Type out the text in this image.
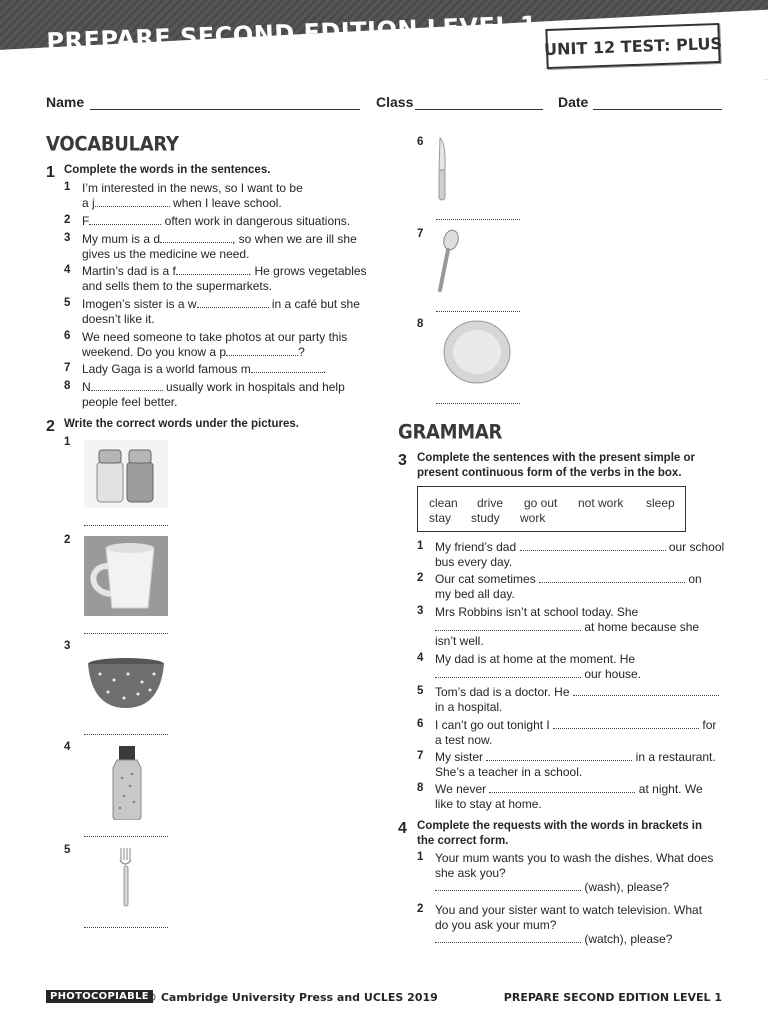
PREPARE SECOND EDITION LEVEL 1 UNIT 12 TEST: PLUS
Name	Class	Date
VOCABULARY
1 Complete the words in the sentences.
1 I’m interested in the news, so I want to be
a j	when I leave school.
2 F	often work in dangerous situations.
3 My mum is a d	, so when we are ill she
gives us the medicine we need.
4 Martin’s dad is a f	. He grows vegetables
and sells them to the supermarkets.
5 Imogen’s sister is a w	in a café but she
doesn’t like it.
6 We need someone to take photos at our party this
weekend. Do you know a p	?
7 Lady Gaga is a world famous m	.
8 N	usually work in hospitals and help
people feel better.
2 Write the correct words under the pictures.
1
2
3
4
5
6
7
8
GRAMMAR
3 Complete the sentences with the present simple or
present continuous form of the verbs in the box.
clean drive go out not work sleep
stay study work
1 My friend’s dad	our school
bus every day.
2 Our cat sometimes	on
my bed all day.
3 Mrs Robbins isn’t at school today. She
at home because she
isn’t well.
4 My dad is at home at the moment. He
our house.
5 Tom’s dad is a doctor. He
in a hospital.
6 I can’t go out tonight I	for
a test now.
7 My sister	in a restaurant.
She’s a teacher in a school.
8 We never	at night. We
like to stay at home.
4 Complete the requests with the words in brackets in
the correct form.
1 Your mum wants you to wash the dishes. What does
she ask you?
(wash), please?
2 You and your sister want to watch television. What
do you ask your mum?
(watch), please?
PHOTOCOPIABLE
© Cambridge University Press and UCLES 2019	PREPARE SECOND EDITION LEVEL 1
